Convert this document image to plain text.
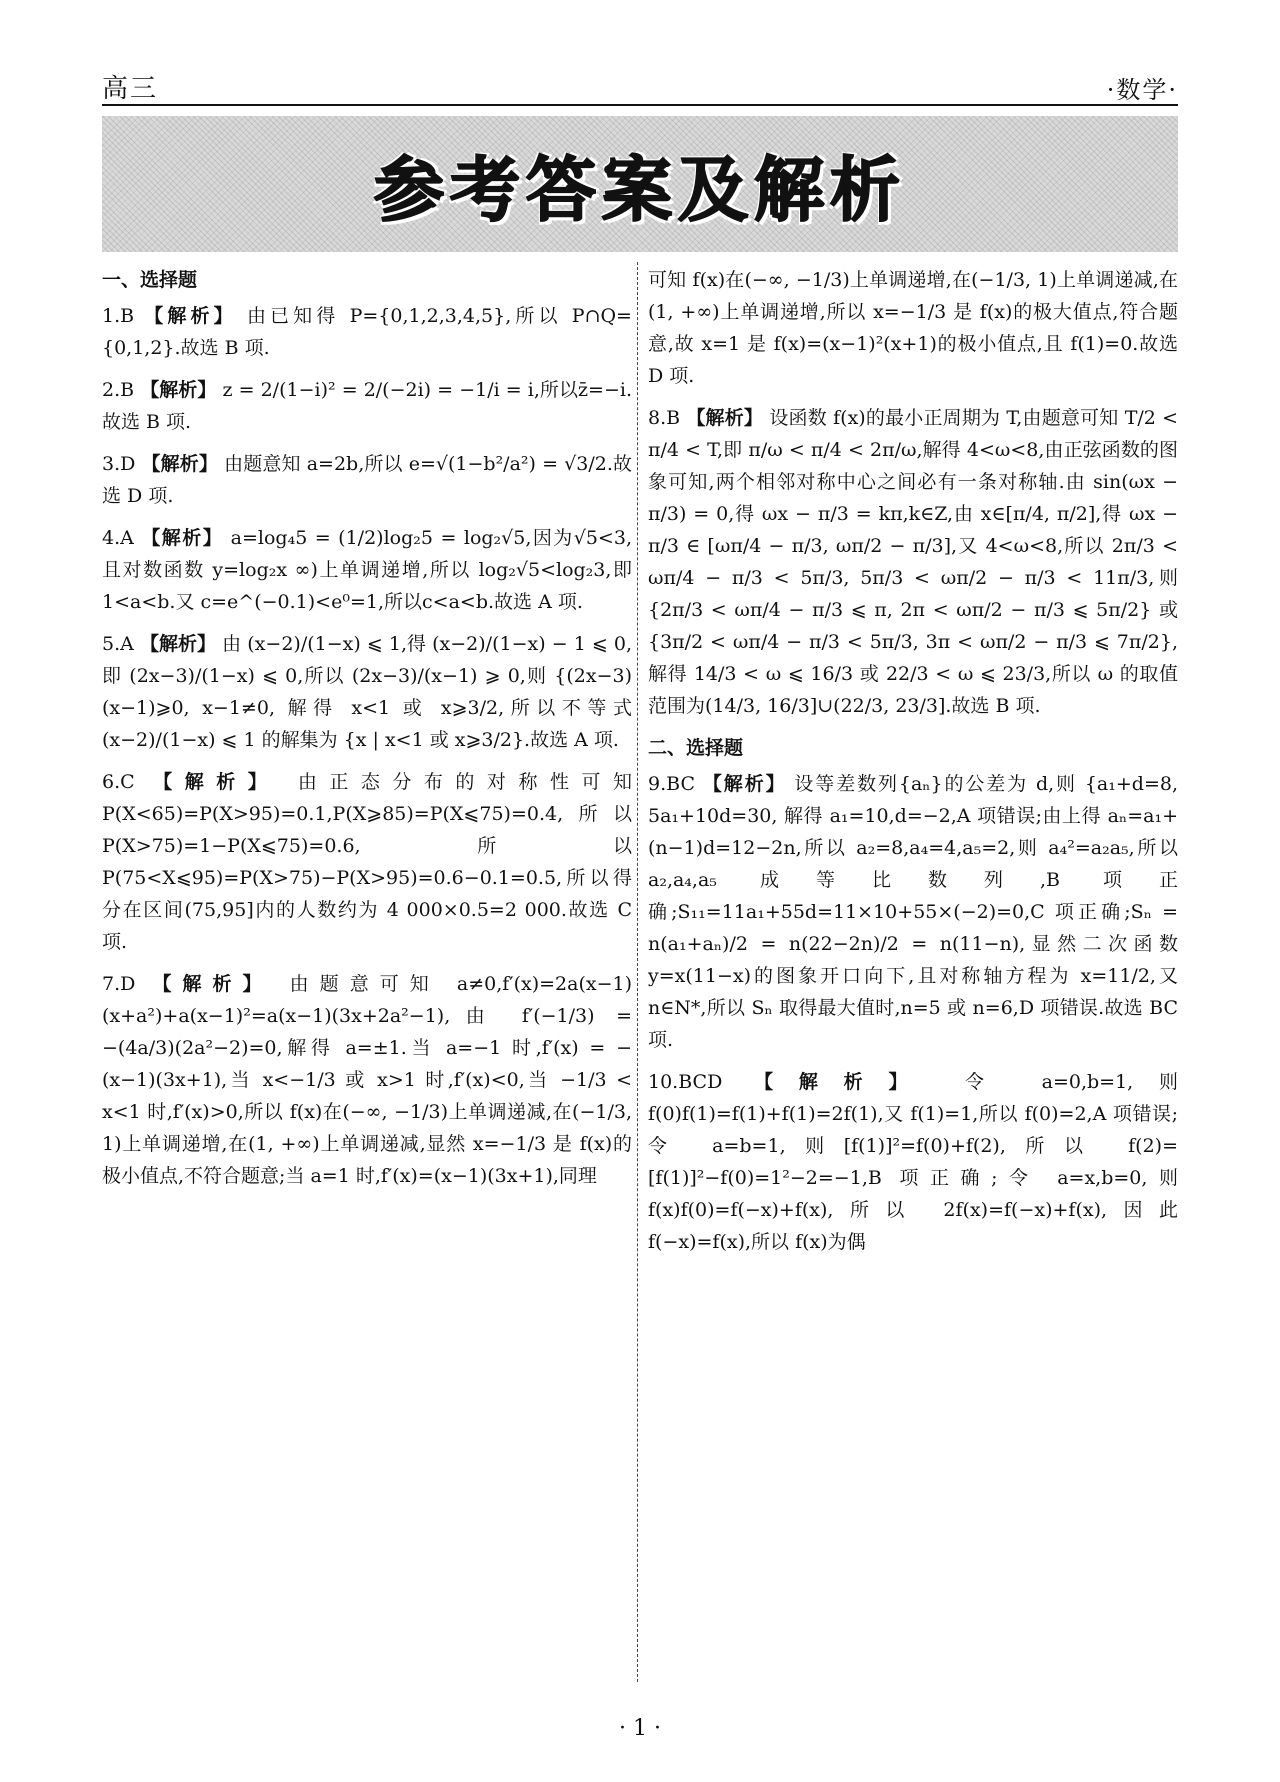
高三	·数学·
参考答案及解析
一、选择题
1.B 【解析】 由已知得 P={0,1,2,3,4,5},所以 P∩Q={0,1,2}.故选 B 项.
2.B 【解析】 z = 2/(1−i)² = 2/(−2i) = −1/i = i,所以z̄=−i.故选 B 项.
3.D 【解析】 由题意知 a=2b,所以 e=√(1−b²/a²) = √3/2.故选 D 项.
4.A 【解析】 a=log₄5 = (1/2)log₂5 = log₂√5,因为√5<3,且对数函数 y=log₂x ∞)上单调递增,所以 log₂√5<log₂3,即 1<a<b.又 c=e^(−0.1)<e⁰=1,所以c<a<b.故选 A 项.
5.A 【解析】 由 (x−2)/(1−x) ⩽ 1,得 (x−2)/(1−x) − 1 ⩽ 0,即 (2x−3)/(1−x) ⩽ 0,所以 (2x−3)/(x−1) ⩾ 0,则 {(2x−3)(x−1)⩾0, x−1≠0, 解得 x<1 或 x⩾3/2,所以不等式 (x−2)/(1−x) ⩽ 1 的解集为 {x | x<1 或 x⩾3/2}.故选 A 项.
6.C 【解析】 由正态分布的对称性可知 P(X<65)=P(X>95)=0.1,P(X⩾85)=P(X⩽75)=0.4,所以 P(X>75)=1−P(X⩽75)=0.6,所以 P(75<X⩽95)=P(X>75)−P(X>95)=0.6−0.1=0.5,所以得分在区间(75,95]内的人数约为 4 000×0.5=2 000.故选 C 项.
7.D 【解析】 由题意可知 a≠0,f′(x)=2a(x−1)(x+a²)+a(x−1)²=a(x−1)(3x+2a²−1),由 f′(−1/3) = −(4a/3)(2a²−2)=0,解得 a=±1.当 a=−1 时,f′(x) = −(x−1)(3x+1),当 x<−1/3 或 x>1 时,f′(x)<0,当 −1/3 < x<1 时,f′(x)>0,所以 f(x)在(−∞, −1/3)上单调递减,在(−1/3, 1)上单调递增,在(1, +∞)上单调递减,显然 x=−1/3 是 f(x)的极小值点,不符合题意;当 a=1 时,f′(x)=(x−1)(3x+1),同理
可知 f(x)在(−∞, −1/3)上单调递增,在(−1/3, 1)上单调递减,在(1, +∞)上单调递增,所以 x=−1/3 是 f(x)的极大值点,符合题意,故 x=1 是 f(x)=(x−1)²(x+1)的极小值点,且 f(1)=0.故选 D 项.
8.B 【解析】 设函数 f(x)的最小正周期为 T,由题意可知 T/2 < π/4 < T,即 π/ω < π/4 < 2π/ω,解得 4<ω<8,由正弦函数的图象可知,两个相邻对称中心之间必有一条对称轴.由 sin(ωx − π/3) = 0,得 ωx − π/3 = kπ,k∈Z,由 x∈[π/4, π/2],得 ωx − π/3 ∈ [ωπ/4 − π/3, ωπ/2 − π/3],又 4<ω<8,所以 2π/3 < ωπ/4 − π/3 < 5π/3, 5π/3 < ωπ/2 − π/3 < 11π/3,则 {2π/3 < ωπ/4 − π/3 ⩽ π, 2π < ωπ/2 − π/3 ⩽ 5π/2} 或 {3π/2 < ωπ/4 − π/3 < 5π/3, 3π < ωπ/2 − π/3 ⩽ 7π/2},解得 14/3 < ω ⩽ 16/3 或 22/3 < ω ⩽ 23/3,所以 ω 的取值范围为(14/3, 16/3]∪(22/3, 23/3].故选 B 项.
二、选择题
9.BC 【解析】 设等差数列{aₙ}的公差为 d,则 {a₁+d=8, 5a₁+10d=30, 解得 a₁=10,d=−2,A 项错误;由上得 aₙ=a₁+(n−1)d=12−2n,所以 a₂=8,a₄=4,a₅=2,则 a₄²=a₂a₅,所以 a₂,a₄,a₅ 成等比数列,B 项正确;S₁₁=11a₁+55d=11×10+55×(−2)=0,C 项正确;Sₙ = n(a₁+aₙ)/2 = n(22−2n)/2 = n(11−n),显然二次函数 y=x(11−x)的图象开口向下,且对称轴方程为 x=11/2,又 n∈N*,所以 Sₙ 取得最大值时,n=5 或 n=6,D 项错误.故选 BC 项.
10.BCD 【解析】 令 a=0,b=1,则 f(0)f(1)=f(1)+f(1)=2f(1),又 f(1)=1,所以 f(0)=2,A 项错误;令 a=b=1,则[f(1)]²=f(0)+f(2),所以 f(2)=[f(1)]²−f(0)=1²−2=−1,B 项正确;令 a=x,b=0,则 f(x)f(0)=f(−x)+f(x),所以 2f(x)=f(−x)+f(x),因此 f(−x)=f(x),所以 f(x)为偶
· 1 ·
